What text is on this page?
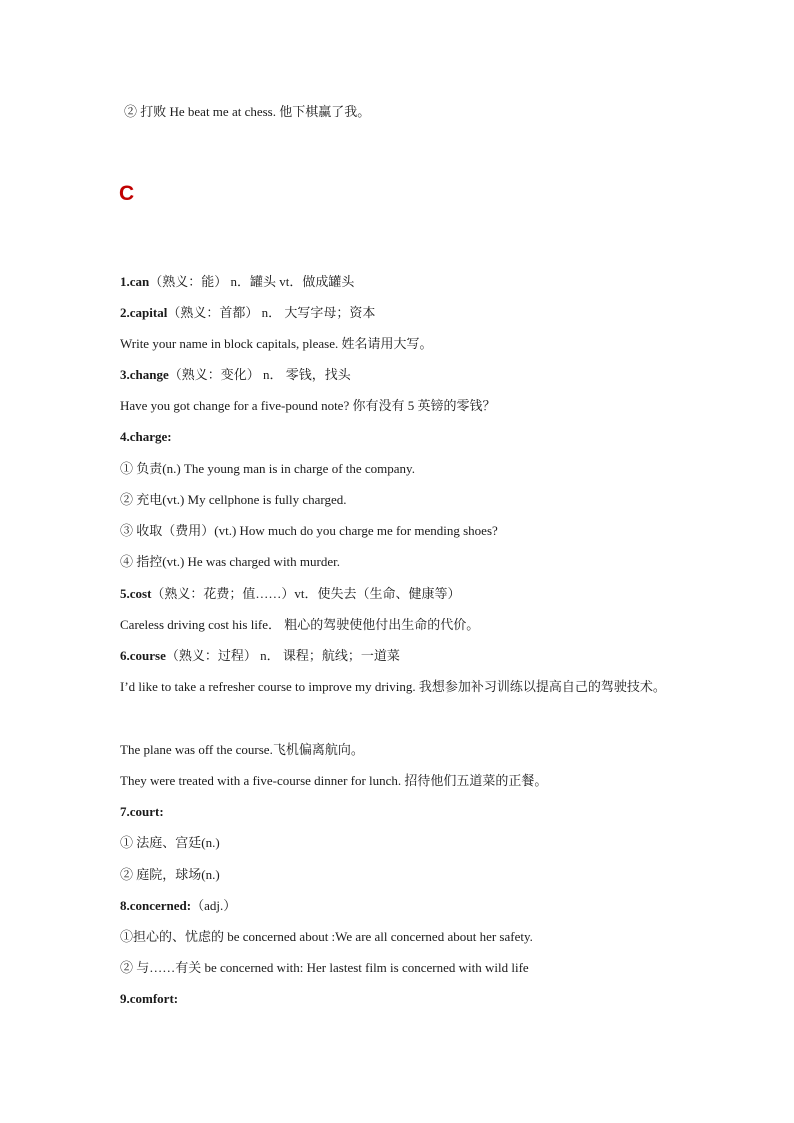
② 打败 He beat me at chess. 他下棋赢了我。
C
1.can（熟义：能） n．罐头 vt．做成罐头
2.capital（熟义：首都） n． 大写字母；资本
Write your name in block capitals, please. 姓名请用大写。
3.change（熟义：变化） n． 零钱，找头
Have you got change for a five-pound note? 你有没有 5 英镑的零钱？
4.charge:
① 负责(n.) The young man is in charge of the company.
② 充电(vt.) My cellphone is fully charged.
③ 收取（费用）(vt.) How much do you charge me for mending shoes?
④ 指控(vt.) He was charged with murder.
5.cost（熟义：花费；值……）vt．使失去（生命、健康等）
Careless driving cost his life． 粗心的驾驶使他付出生命的代价。
6.course（熟义：过程） n． 课程；航线；一道菜
I’d like to take a refresher course to improve my driving. 我想参加补习训练以提高自己的驾驶技术。
The plane was off the course.飞机偏离航向。
They were treated with a five-course dinner for lunch. 招待他们五道菜的正餐。
7.court:
① 法庭、宫廷(n.)
② 庭院，球场(n.)
8.concerned:（adj.）
①担心的、忧虑的 be concerned about :We are all concerned about her safety.
② 与……有关 be concerned with: Her lastest film is concerned with wild life
9.comfort:
